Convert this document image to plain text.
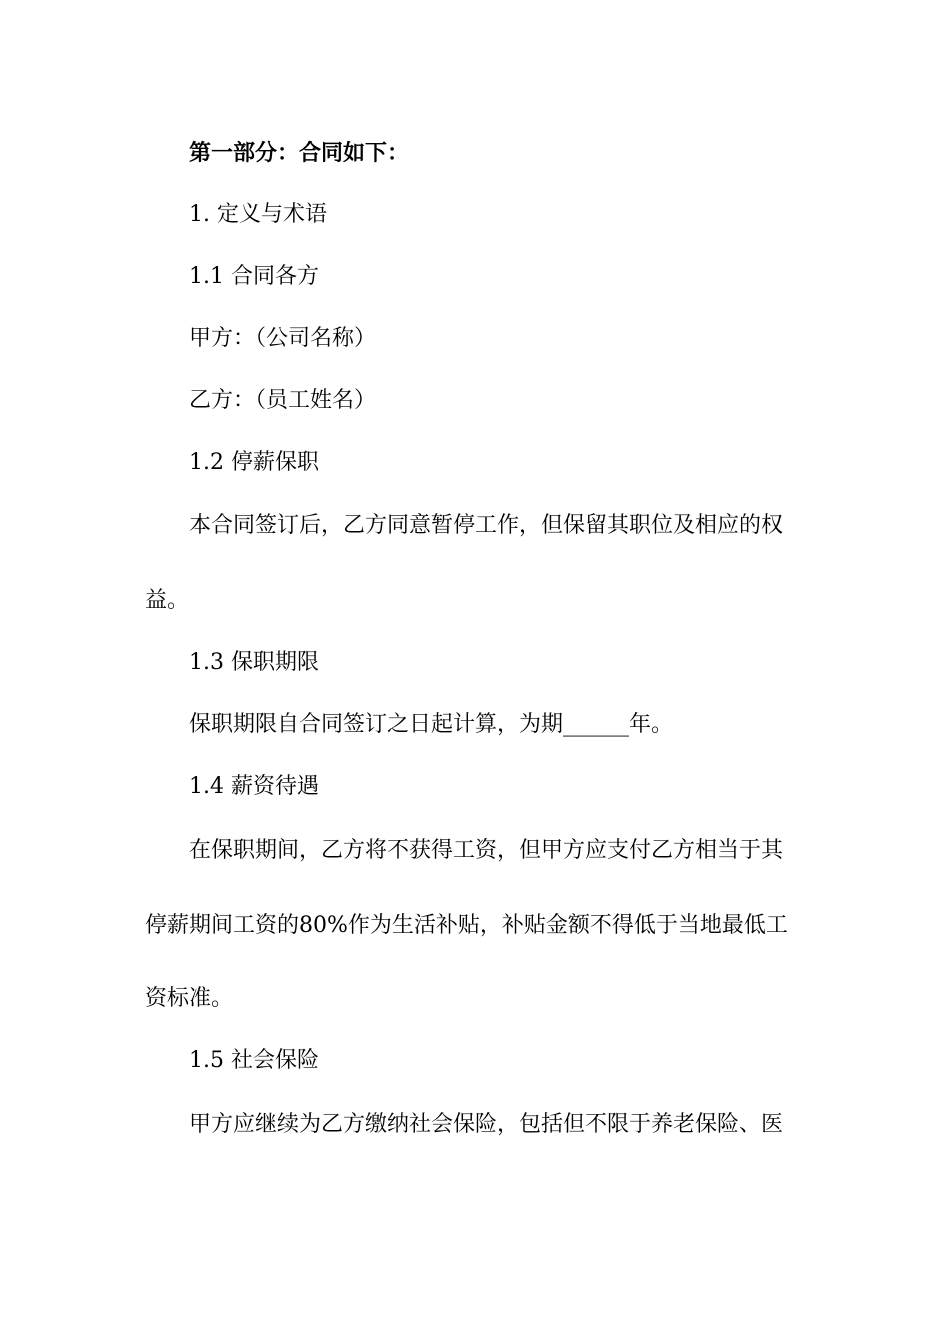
第一部分：合同如下：
1. 定义与术语
1.1 合同各方
甲方：（公司名称）
乙方：（员工姓名）
1.2 停薪保职
本合同签订后，乙方同意暂停工作，但保留其职位及相应的权
益。
1.3 保职期限
保职期限自合同签订之日起计算，为期______年。
1.4 薪资待遇
在保职期间，乙方将不获得工资，但甲方应支付乙方相当于其
停薪期间工资的80%作为生活补贴，补贴金额不得低于当地最低工
资标准。
1.5 社会保险
甲方应继续为乙方缴纳社会保险，包括但不限于养老保险、医
